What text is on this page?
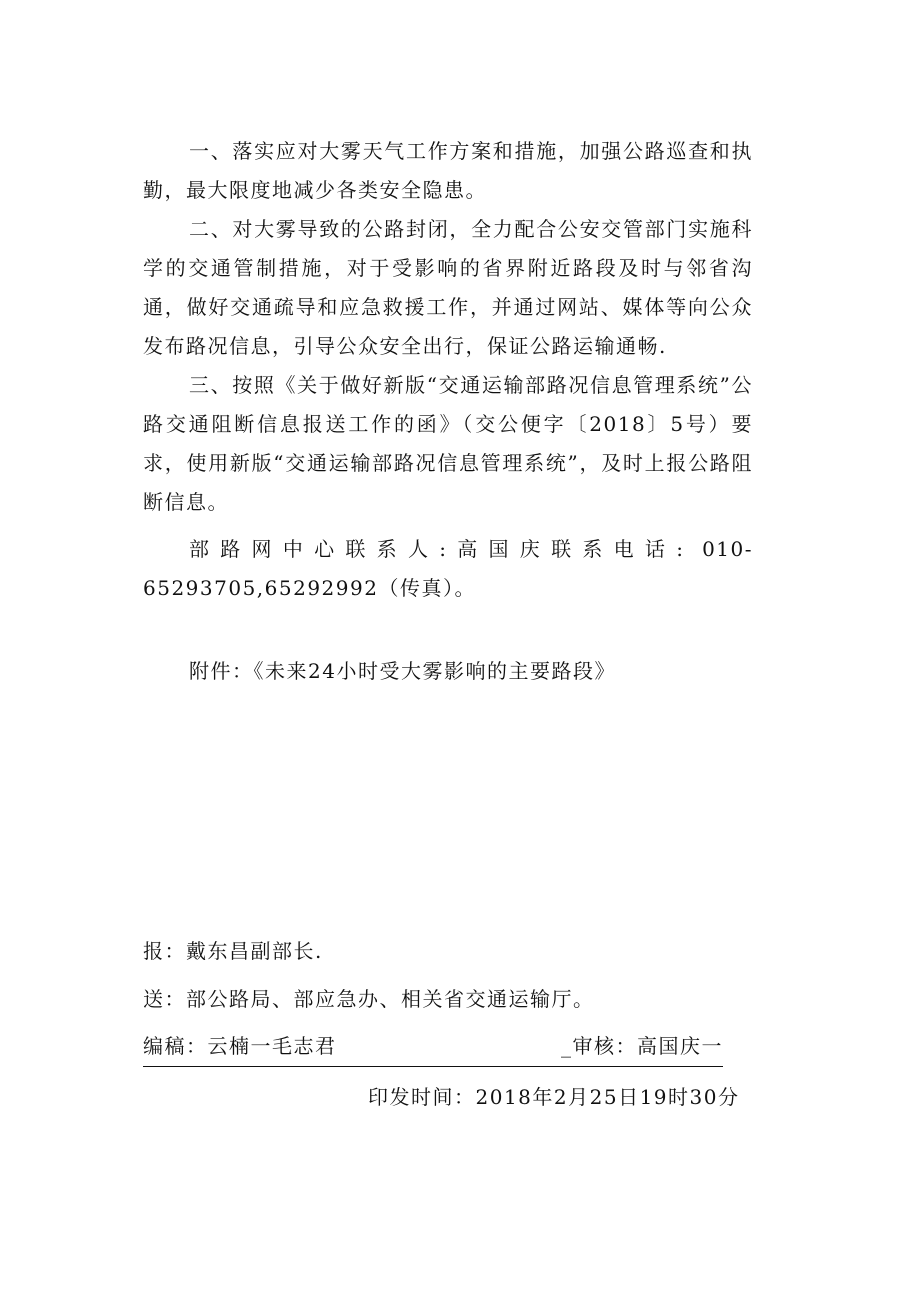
一、落实应对大雾天气工作方案和措施，加强公路巡查和执勤，最大限度地减少各类安全隐患。

二、对大雾导致的公路封闭，全力配合公安交管部门实施科学的交通管制措施，对于受影响的省界附近路段及时与邻省沟通，做好交通疏导和应急救援工作，并通过网站、媒体等向公众发布路况信息，引导公众安全出行，保证公路运输通畅.

三、按照《关于做好新版“交通运输部路况信息管理系统”公路交通阻断信息报送工作的函》（交公便字〔2018〕5号）要求，使用新版“交通运输部路况信息管理系统”，及时上报公路阻断信息。

部路网中心联系人:高国庆联系电话: 010-65293705,65292992（传真）。

附件：《未来24小时受大雾影响的主要路段》

报：戴东昌副部长.

送：部公路局、部应急办、相关省交通运输厅。

编稿：云楠一毛志君	_审核：高国庆一
印发时间：2018年2月25日19时30分
